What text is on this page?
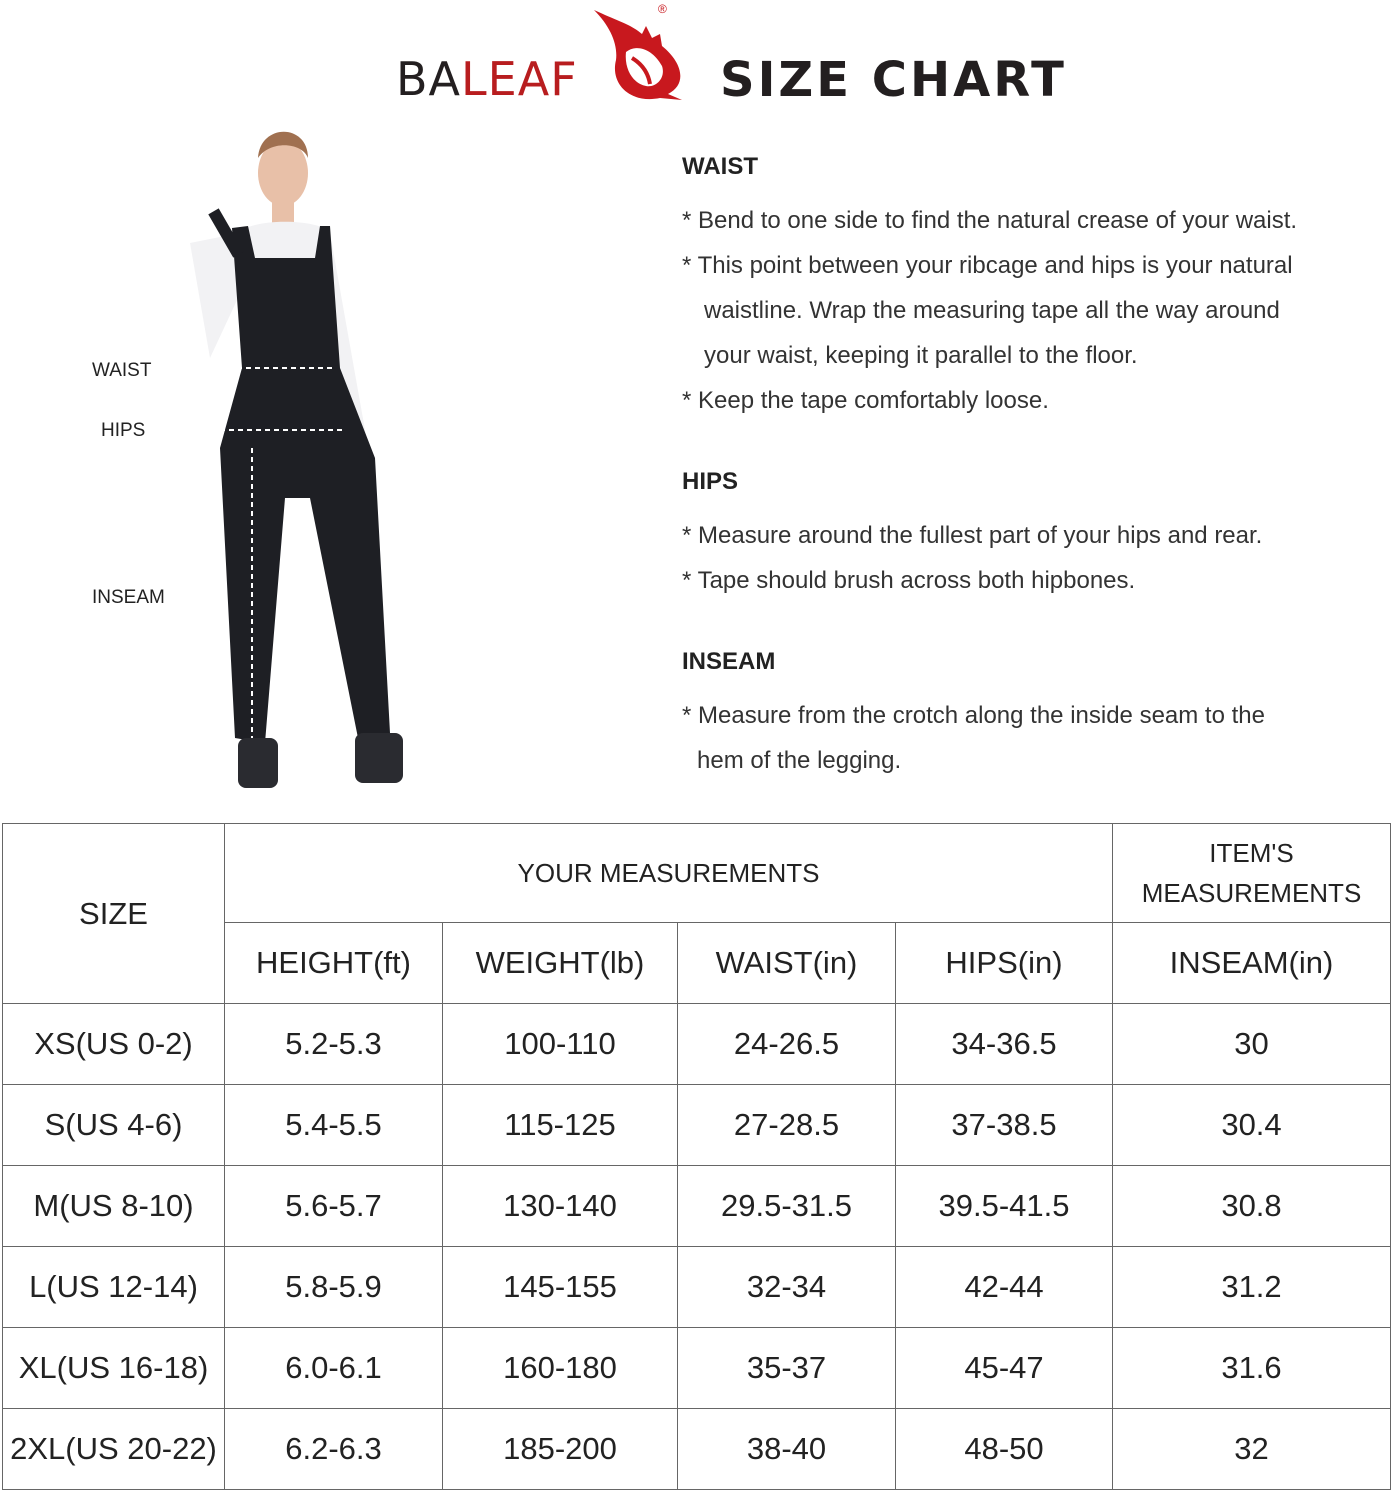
BALEAF
®
SIZE CHART
WAIST
HIPS
INSEAM
WAIST

* Bend to one side to find the natural crease of your waist.

* This point between your ribcage and hips is your natural

waistline. Wrap the measuring tape all the way around

your waist, keeping it parallel to the floor.

* Keep the tape comfortably loose.

HIPS

* Measure around the fullest part of your hips and rear.

* Tape should brush across both hipbones.

INSEAM

* Measure from the crotch along the inside seam to the

hem of the legging.

SIZE	YOUR MEASUREMENTS				ITEM'S
MEASUREMENTS
	HEIGHT(ft)	WEIGHT(lb)	WAIST(in)	HIPS(in)	INSEAM(in)
XS(US 0-2)	5.2-5.3	100-110	24-26.5	34-36.5	30
S(US 4-6)	5.4-5.5	115-125	27-28.5	37-38.5	30.4
M(US 8-10)	5.6-5.7	130-140	29.5-31.5	39.5-41.5	30.8
L(US 12-14)	5.8-5.9	145-155	32-34	42-44	31.2
XL(US 16-18)	6.0-6.1	160-180	35-37	45-47	31.6
2XL(US 20-22)	6.2-6.3	185-200	38-40	48-50	32
